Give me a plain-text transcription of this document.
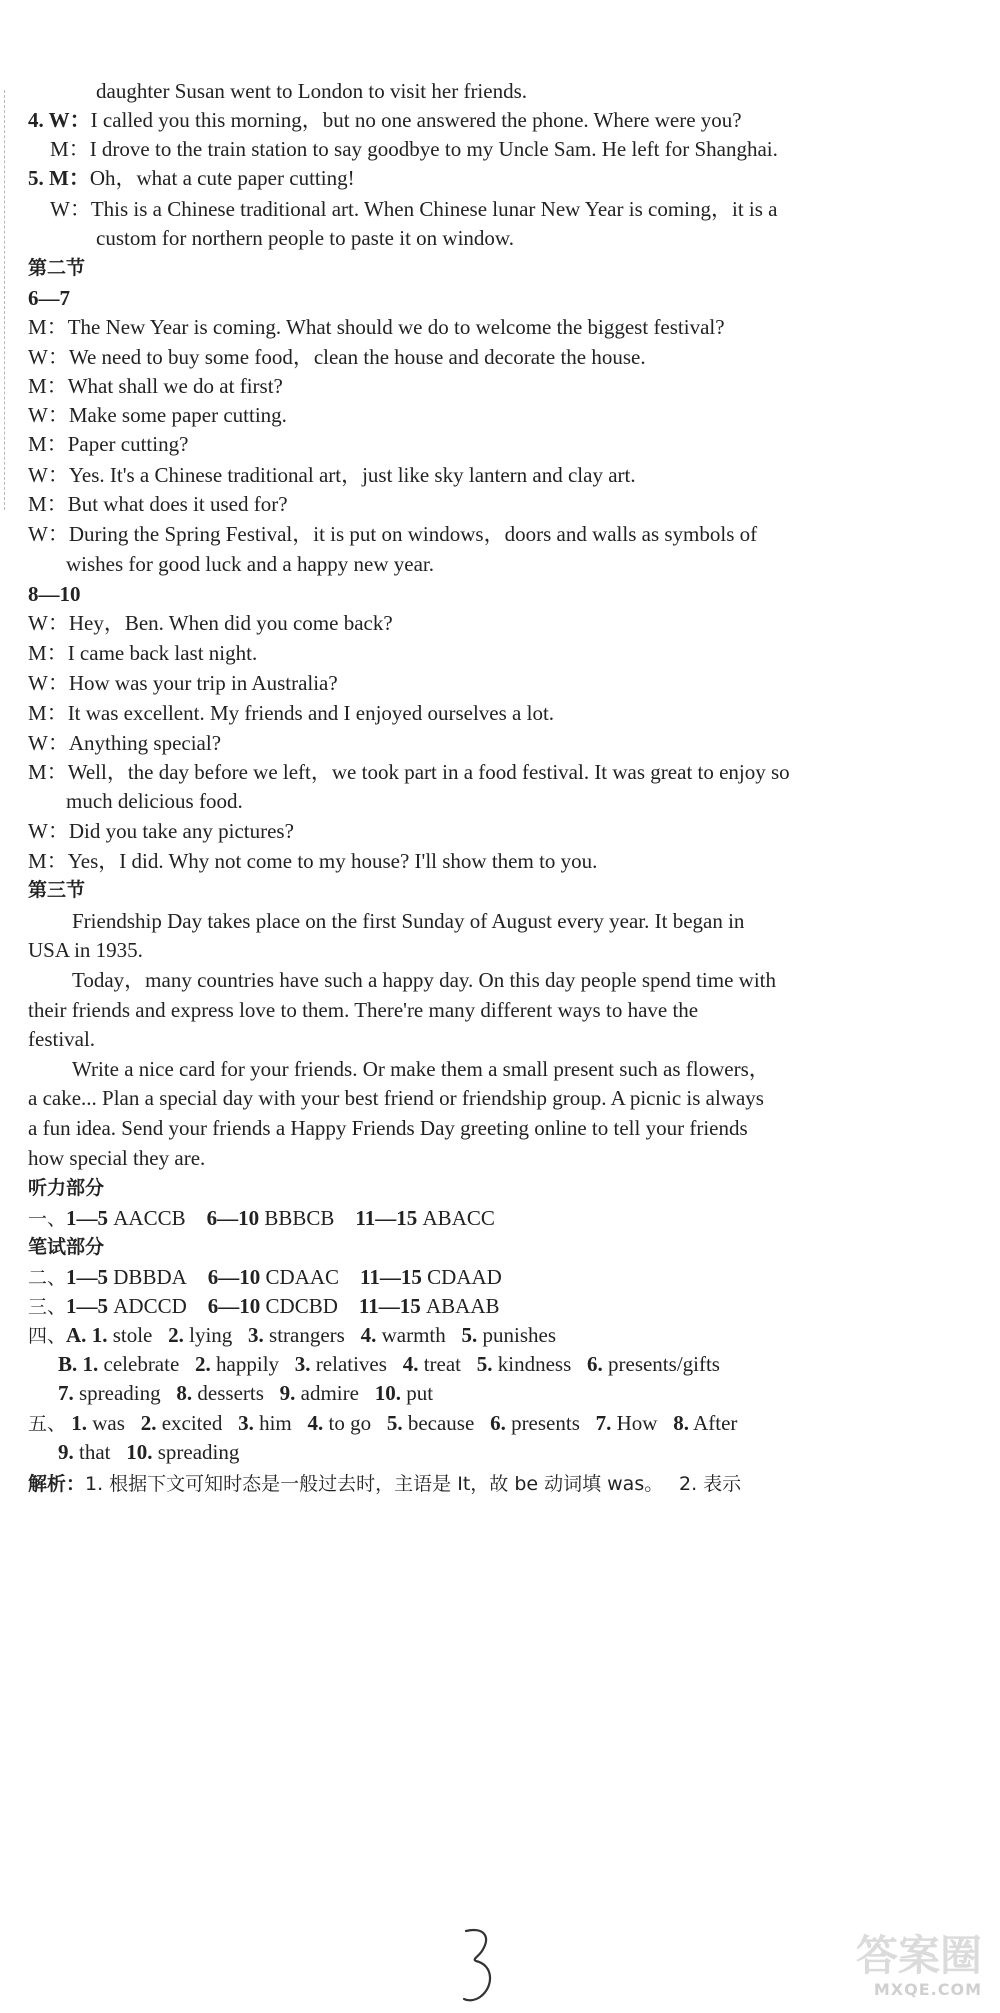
daughter Susan went to London to visit her friends.
4. W：I called you this morning，but no one answered the phone. Where were you?
M：I drove to the train station to say goodbye to my Uncle Sam. He left for Shanghai.
5. M：Oh，what a cute paper cutting!
W：This is a Chinese traditional art. When Chinese lunar New Year is coming，it is a
custom for northern people to paste it on window.
第二节
6—7
M：The New Year is coming. What should we do to welcome the biggest festival?
W：We need to buy some food，clean the house and decorate the house.
M：What shall we do at first?
W：Make some paper cutting.
M：Paper cutting?
W：Yes. It's a Chinese traditional art，just like sky lantern and clay art.
M：But what does it used for?
W：During the Spring Festival，it is put on windows，doors and walls as symbols of
wishes for good luck and a happy new year.
8—10
W：Hey，Ben. When did you come back?
M：I came back last night.
W：How was your trip in Australia?
M：It was excellent. My friends and I enjoyed ourselves a lot.
W：Anything special?
M：Well，the day before we left，we took part in a food festival. It was great to enjoy so
much delicious food.
W：Did you take any pictures?
M：Yes，I did. Why not come to my house? I'll show them to you.
第三节
Friendship Day takes place on the first Sunday of August every year. It began in
USA in 1935.
Today，many countries have such a happy day. On this day people spend time with
their friends and express love to them. There're many different ways to have the
festival.
Write a nice card for your friends. Or make them a small present such as flowers，
a cake... Plan a special day with your best friend or friendship group. A picnic is always
a fun idea. Send your friends a Happy Friends Day greeting online to tell your friends
how special they are.
听力部分
一、1—5 AACCB 6—10 BBBCB 11—15 ABACC
笔试部分
二、1—5 DBBDA 6—10 CDAAC 11—15 CDAAD
三、1—5 ADCCD 6—10 CDCBD 11—15 ABAAB
四、A. 1. stole 2. lying 3. strangers 4. warmth 5. punishes
B. 1. celebrate 2. happily 3. relatives 4. treat 5. kindness 6. presents/gifts
7. spreading 8. desserts 9. admire 10. put
五、 1. was 2. excited 3. him 4. to go 5. because 6. presents 7. How 8. After
9. that 10. spreading
解析：1. 根据下文可知时态是一般过去时，主语是 It，故 be 动词填 was。 2. 表示
答案圈
MXQE.COM
